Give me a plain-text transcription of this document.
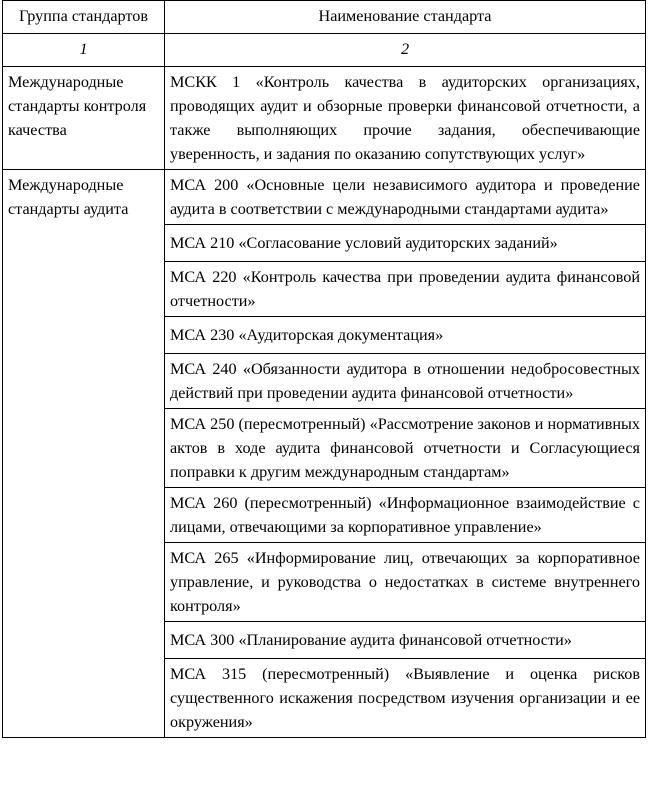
Группа стандартов	Наименование стандарта
1	2
Международные стандарты контроля качества	МСКК 1 «Контроль качества в аудиторских организациях, проводящих аудит и обзорные проверки финансовой отчетности, а также выполняющих прочие задания, обеспечивающие уверенность, и задания по оказанию сопутствующих услуг»
Международные стандарты аудита	МСА 200 «Основные цели независимого аудитора и проведение аудита в соответствии с международными стандартами аудита»
	МСА 210 «Согласование условий аудиторских заданий»
	МСА 220 «Контроль качества при проведении аудита финансовой отчетности»
	МСА 230 «Аудиторская документация»
	МСА 240 «Обязанности аудитора в отношении недобросовестных действий при проведении аудита финансовой отчетности»
	МСА 250 (пересмотренный) «Рассмотрение законов и нормативных актов в ходе аудита финансовой отчетности и Согласующиеся поправки к другим международным стандартам»
	МСА 260 (пересмотренный) «Информационное взаимодействие с лицами, отвечающими за корпоративное управление»
	МСА 265 «Информирование лиц, отвечающих за корпоративное управление, и руководства о недостатках в системе внутреннего контроля»
	МСА 300 «Планирование аудита финансовой отчетности»
	МСА 315 (пересмотренный) «Выявление и оценка рисков существенного искажения посредством изучения организации и ее окружения»
